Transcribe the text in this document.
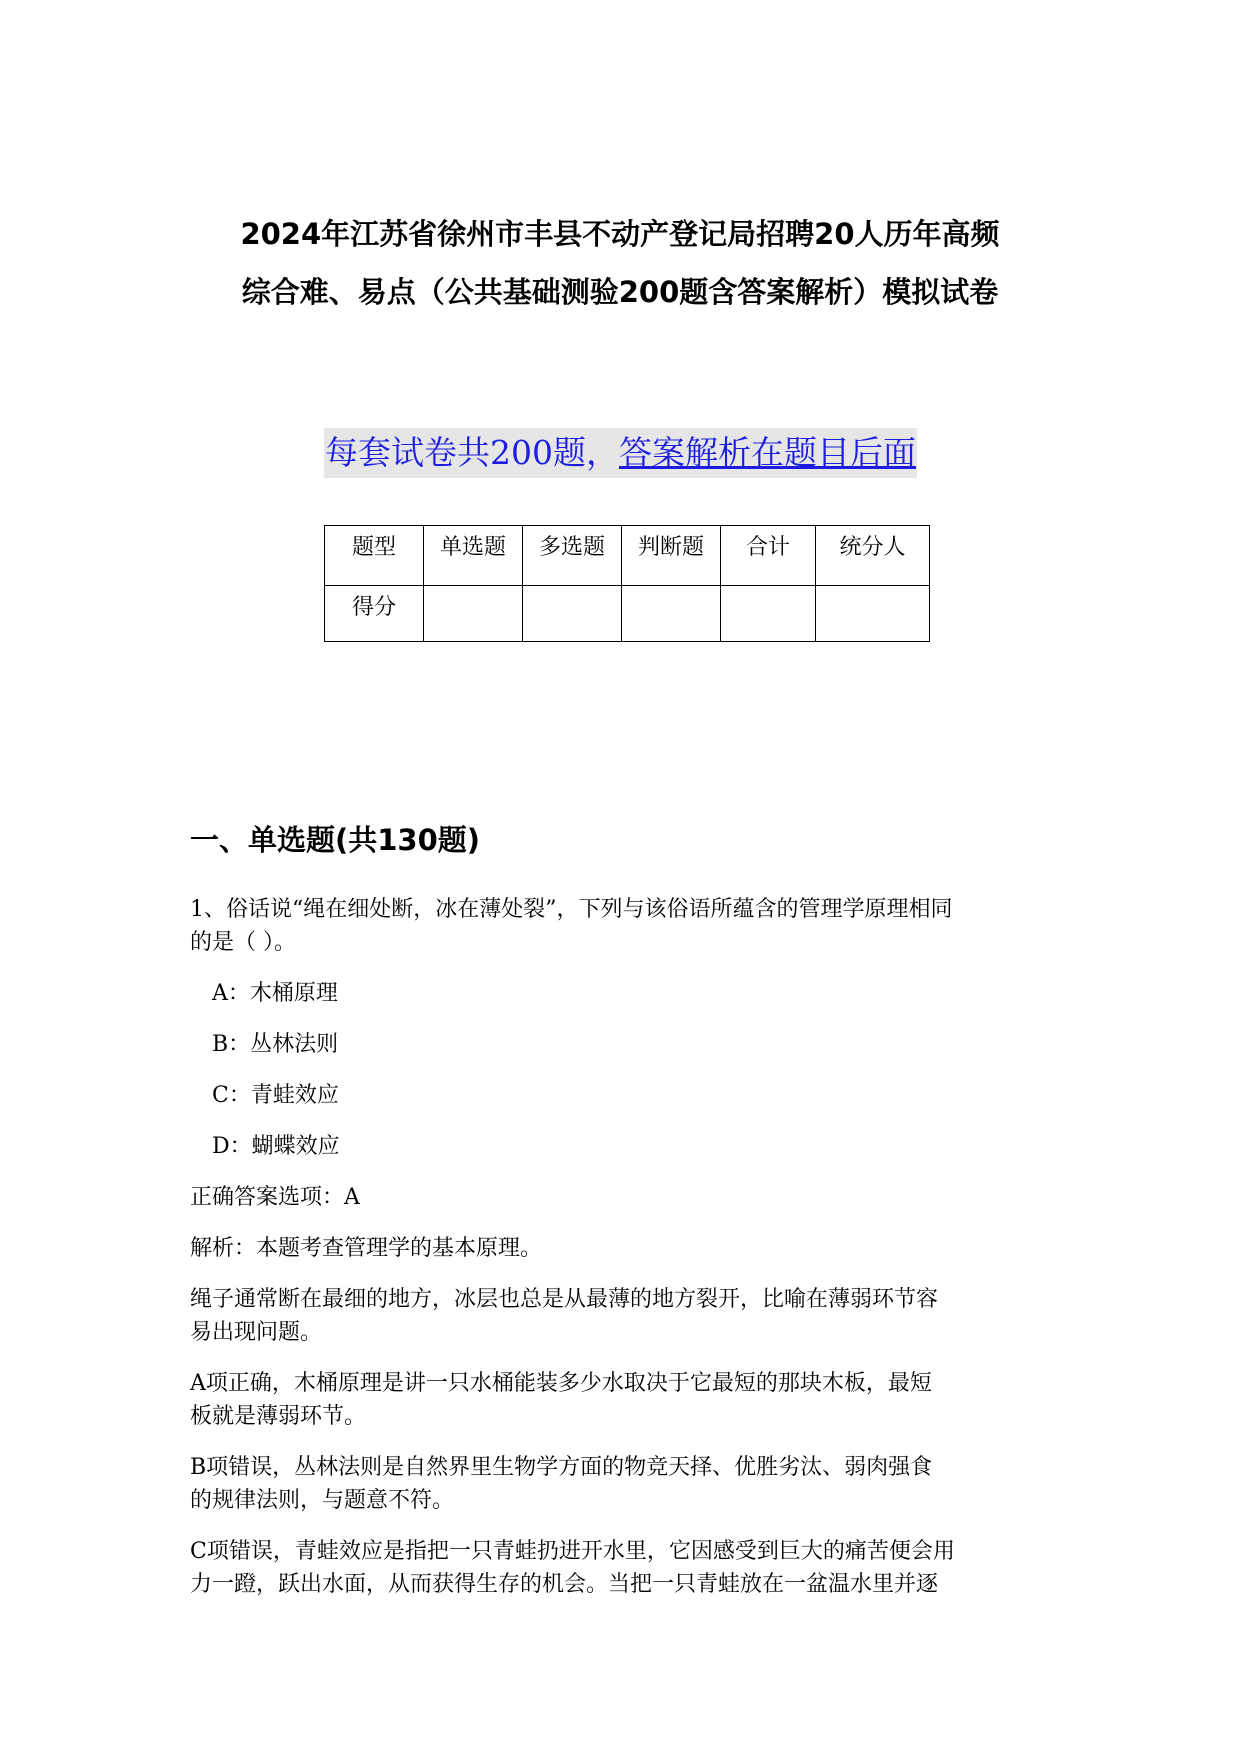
2024年江苏省徐州市丰县不动产登记局招聘20人历年高频
综合难、易点（公共基础测验200题含答案解析）模拟试卷
每套试卷共200题，答案解析在题目后面
题型	单选题	多选题	判断题	合计	统分人
得分					
一、单选题(共130题)

1、俗话说“绳在细处断，冰在薄处裂”，下列与该俗语所蕴含的管理学原理相同
的是（ ）。

A：木桶原理

B：丛林法则

C：青蛙效应

D：蝴蝶效应

正确答案选项：A

解析：本题考查管理学的基本原理。

绳子通常断在最细的地方，冰层也总是从最薄的地方裂开，比喻在薄弱环节容
易出现问题。

A项正确，木桶原理是讲一只水桶能装多少水取决于它最短的那块木板，最短
板就是薄弱环节。

B项错误，丛林法则是自然界里生物学方面的物竞天择、优胜劣汰、弱肉强食
的规律法则，与题意不符。

C项错误，青蛙效应是指把一只青蛙扔进开水里，它因感受到巨大的痛苦便会用
力一蹬，跃出水面，从而获得生存的机会。当把一只青蛙放在一盆温水里并逐
